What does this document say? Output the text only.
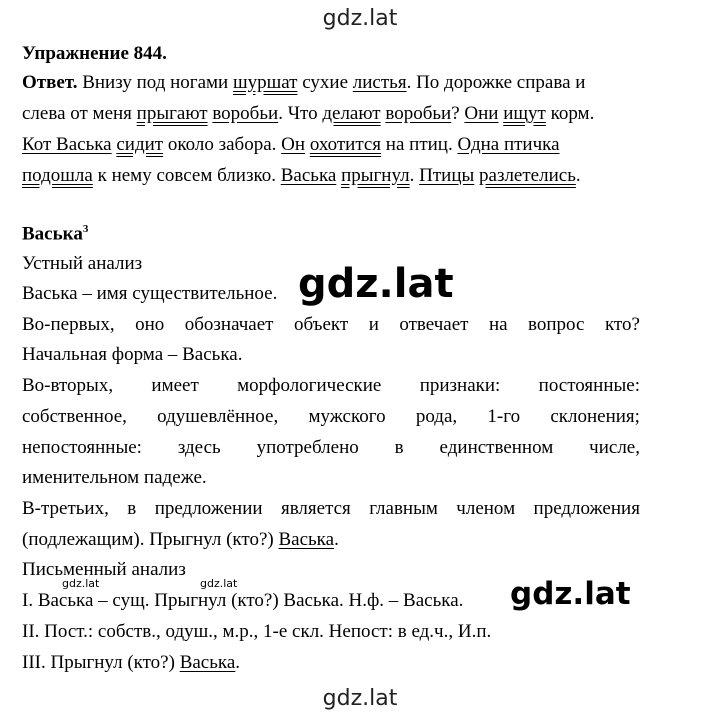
gdz.lat
Упражнение 844.
Ответ. Внизу под ногами шуршат сухие листья. По дорожке справа и
слева от меня прыгают воробьи. Что делают воробьи? Они ищут корм.
Кот Васька сидит около забора. Он охотится на птиц. Одна птичка
подошла к нему совсем близко. Васька прыгнул. Птицы разлетелись.
Васька$^3$
Устный анализ
Васька – имя существительное.
Во-первых, оно обозначает объект и отвечает на вопрос кто?
Начальная форма – Васька.
Во-вторых, имеет морфологические признаки: постоянные:
собственное, одушевлённое, мужского рода, 1-го склонения;
непостоянные: здесь употреблено в единственном числе,
именительном падеже.
В-третьих, в предложении является главным членом предложения
(подлежащим). Прыгнул (кто?) Васька.
Письменный анализ
I. Васька – сущ. Прыгнул (кто?) Васька. Н.ф. – Васька.
II. Пост.: собств., одуш., м.р., 1-е скл. Непост: в ед.ч., И.п.
III. Прыгнул (кто?) Васька.
gdz.lat
gdz.lat
gdz.lat	gdz.lat
gdz.lat
